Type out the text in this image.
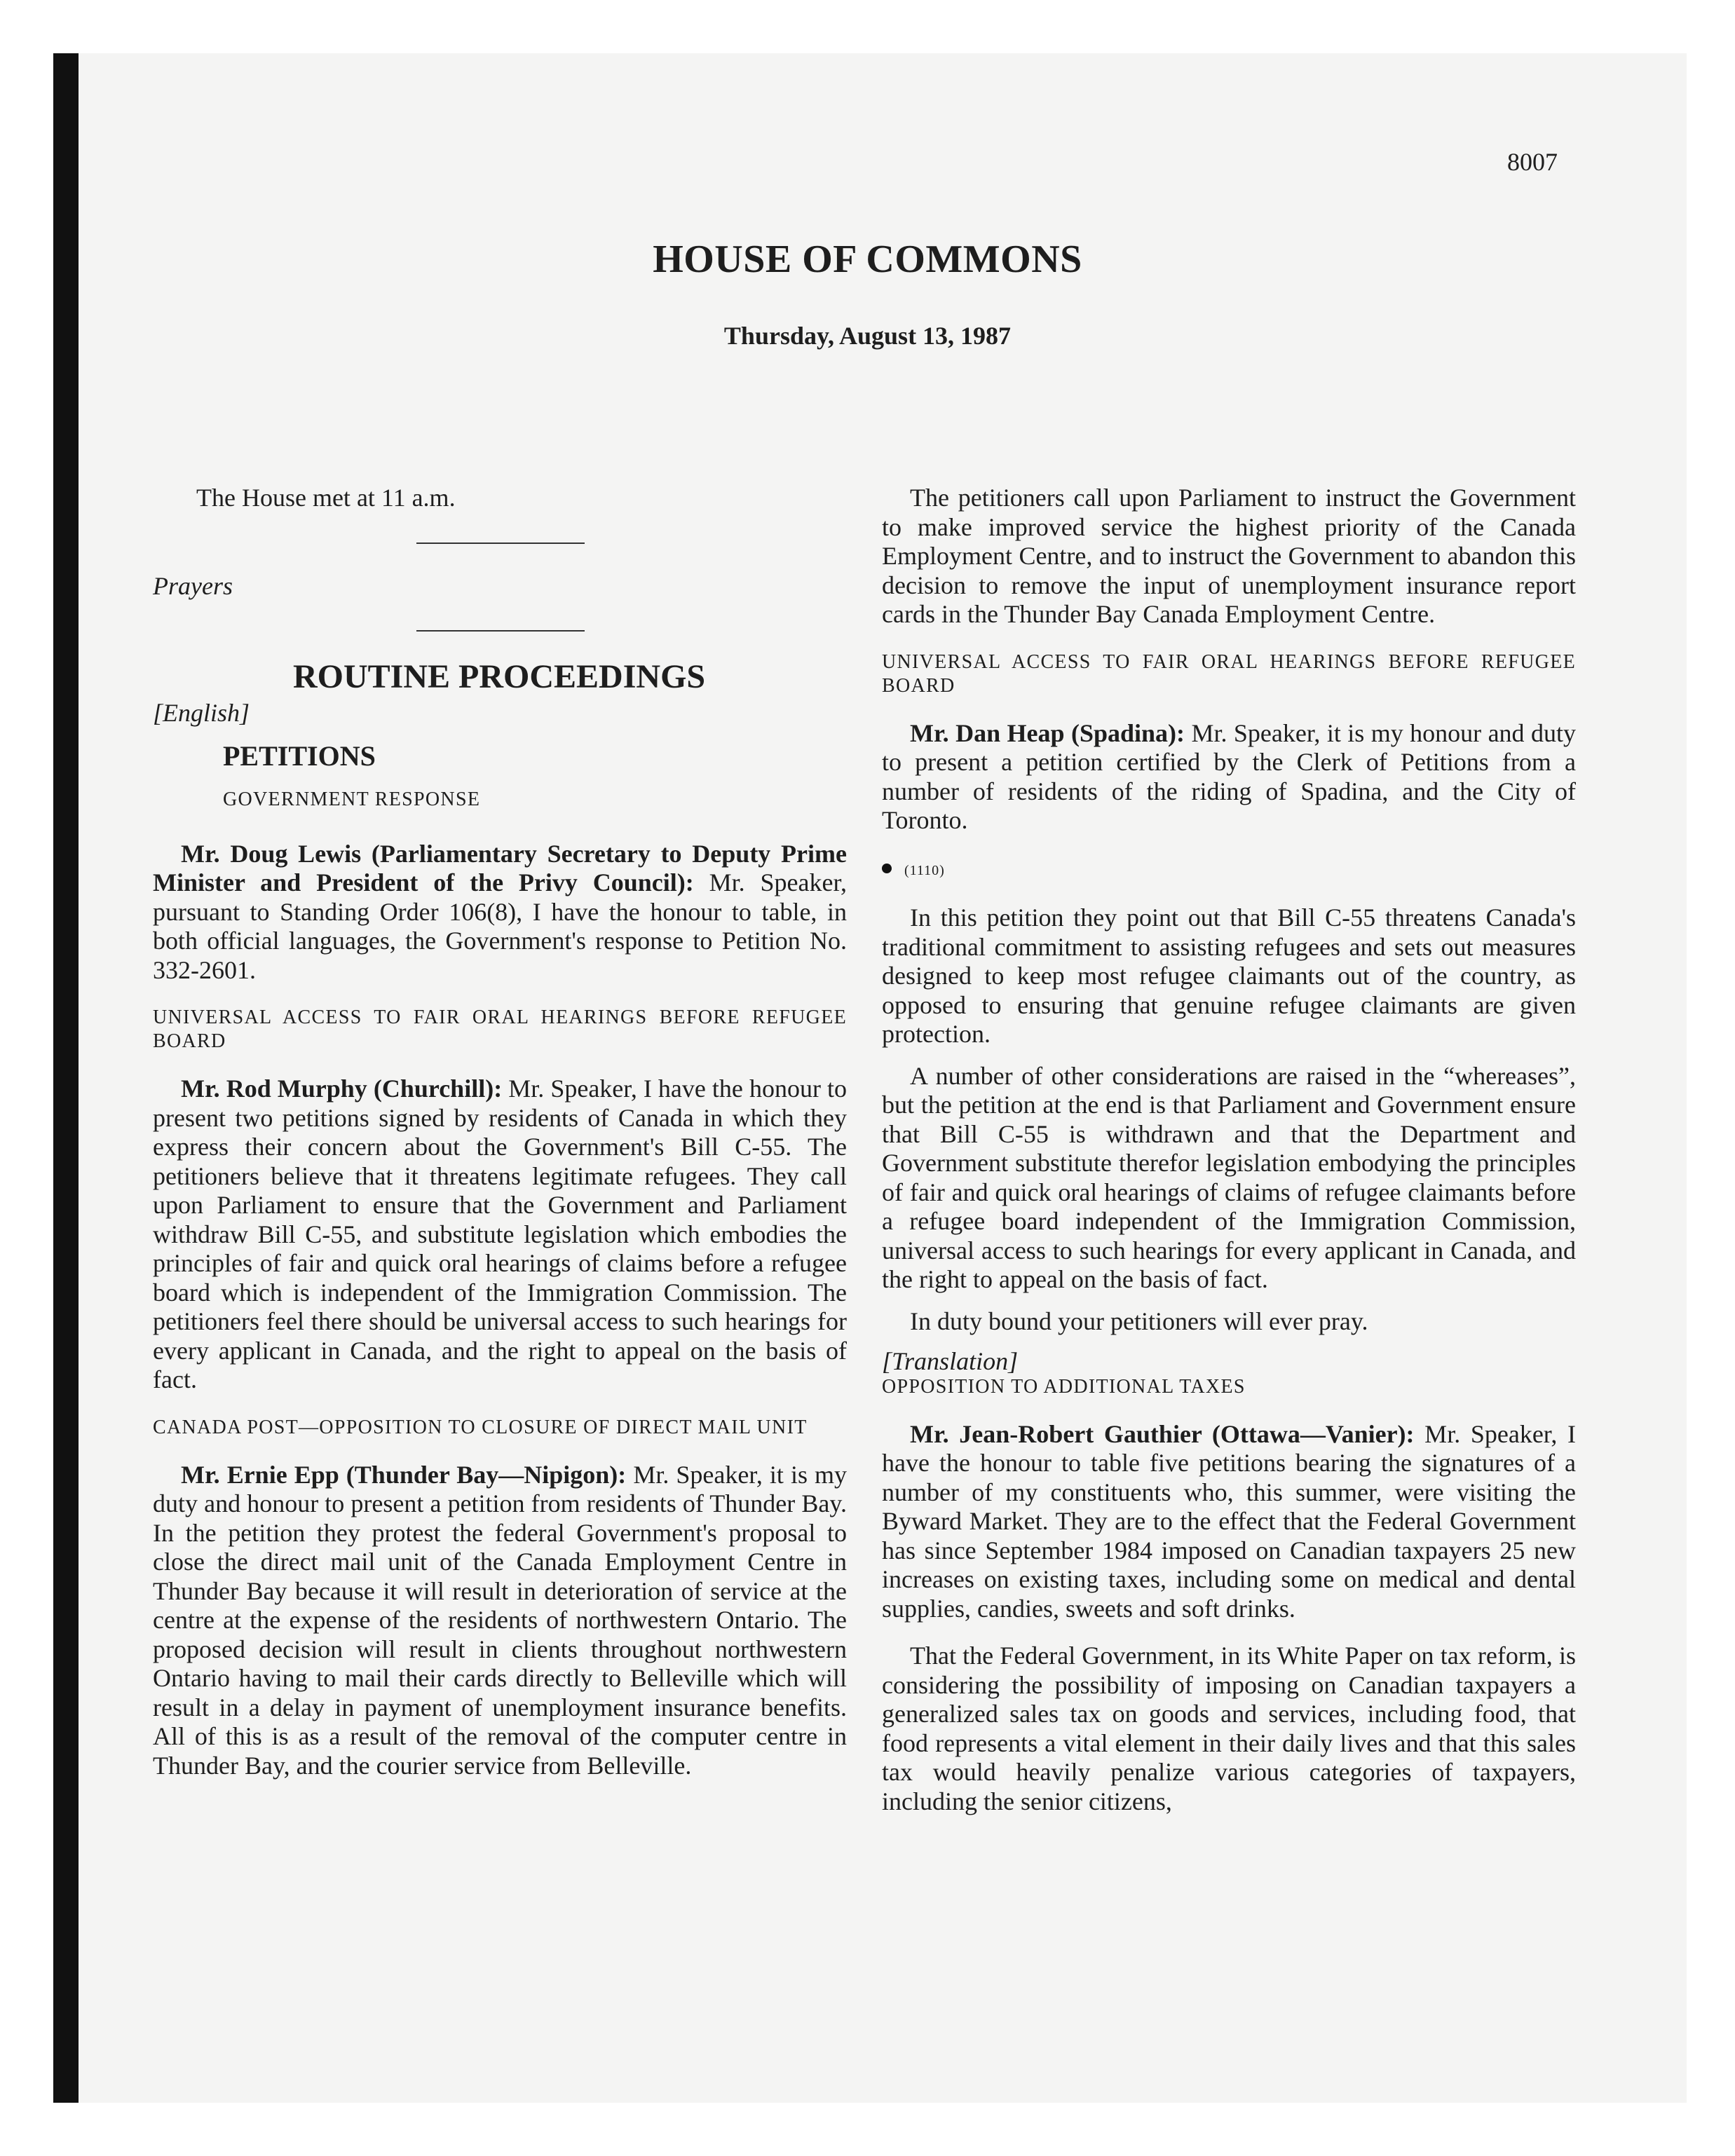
8007
HOUSE OF COMMONS
Thursday, August 13, 1987

The House met at 11 a.m.

Prayers

ROUTINE PROCEEDINGS

[English]

PETITIONS

GOVERNMENT RESPONSE

Mr. Doug Lewis (Parliamentary Secretary to Deputy Prime Minister and President of the Privy Council): Mr. Speaker, pursuant to Standing Order 106(8), I have the honour to table, in both official languages, the Government's response to Petition No. 332-2601.

UNIVERSAL ACCESS TO FAIR ORAL HEARINGS BEFORE REFUGEE BOARD

Mr. Rod Murphy (Churchill): Mr. Speaker, I have the honour to present two petitions signed by residents of Canada in which they express their concern about the Government's Bill C-55. The petitioners believe that it threatens legitimate refugees. They call upon Parliament to ensure that the Government and Parliament withdraw Bill C-55, and substitute legislation which embodies the principles of fair and quick oral hearings of claims before a refugee board which is independent of the Immigration Commission. The petitioners feel there should be universal access to such hearings for every applicant in Canada, and the right to appeal on the basis of fact.

CANADA POST—OPPOSITION TO CLOSURE OF DIRECT MAIL UNIT

Mr. Ernie Epp (Thunder Bay—Nipigon): Mr. Speaker, it is my duty and honour to present a petition from residents of Thunder Bay. In the petition they protest the federal Government's proposal to close the direct mail unit of the Canada Employment Centre in Thunder Bay because it will result in deterioration of service at the centre at the expense of the residents of northwestern Ontario. The proposed decision will result in clients throughout northwestern Ontario having to mail their cards directly to Belleville which will result in a delay in payment of unemployment insurance benefits. All of this is as a result of the removal of the computer centre in Thunder Bay, and the courier service from Belleville.

The petitioners call upon Parliament to instruct the Government to make improved service the highest priority of the Canada Employment Centre, and to instruct the Government to abandon this decision to remove the input of unemployment insurance report cards in the Thunder Bay Canada Employment Centre.

UNIVERSAL ACCESS TO FAIR ORAL HEARINGS BEFORE REFUGEE BOARD

Mr. Dan Heap (Spadina): Mr. Speaker, it is my honour and duty to present a petition certified by the Clerk of Petitions from a number of residents of the riding of Spadina, and the City of Toronto.

(1110)

In this petition they point out that Bill C-55 threatens Canada's traditional commitment to assisting refugees and sets out measures designed to keep most refugee claimants out of the country, as opposed to ensuring that genuine refugee claimants are given protection.

A number of other considerations are raised in the “whereases”, but the petition at the end is that Parliament and Government ensure that Bill C-55 is withdrawn and that the Department and Government substitute therefor legislation embodying the principles of fair and quick oral hearings of claims of refugee claimants before a refugee board independent of the Immigration Commission, universal access to such hearings for every applicant in Canada, and the right to appeal on the basis of fact.

In duty bound your petitioners will ever pray.

[Translation]

OPPOSITION TO ADDITIONAL TAXES

Mr. Jean-Robert Gauthier (Ottawa—Vanier): Mr. Speaker, I have the honour to table five petitions bearing the signatures of a number of my constituents who, this summer, were visiting the Byward Market. They are to the effect that the Federal Government has since September 1984 imposed on Canadian taxpayers 25 new increases on existing taxes, including some on medical and dental supplies, candies, sweets and soft drinks.

That the Federal Government, in its White Paper on tax reform, is considering the possibility of imposing on Canadian taxpayers a generalized sales tax on goods and services, including food, that food represents a vital element in their daily lives and that this sales tax would heavily penalize various categories of taxpayers, including the senior citizens,
